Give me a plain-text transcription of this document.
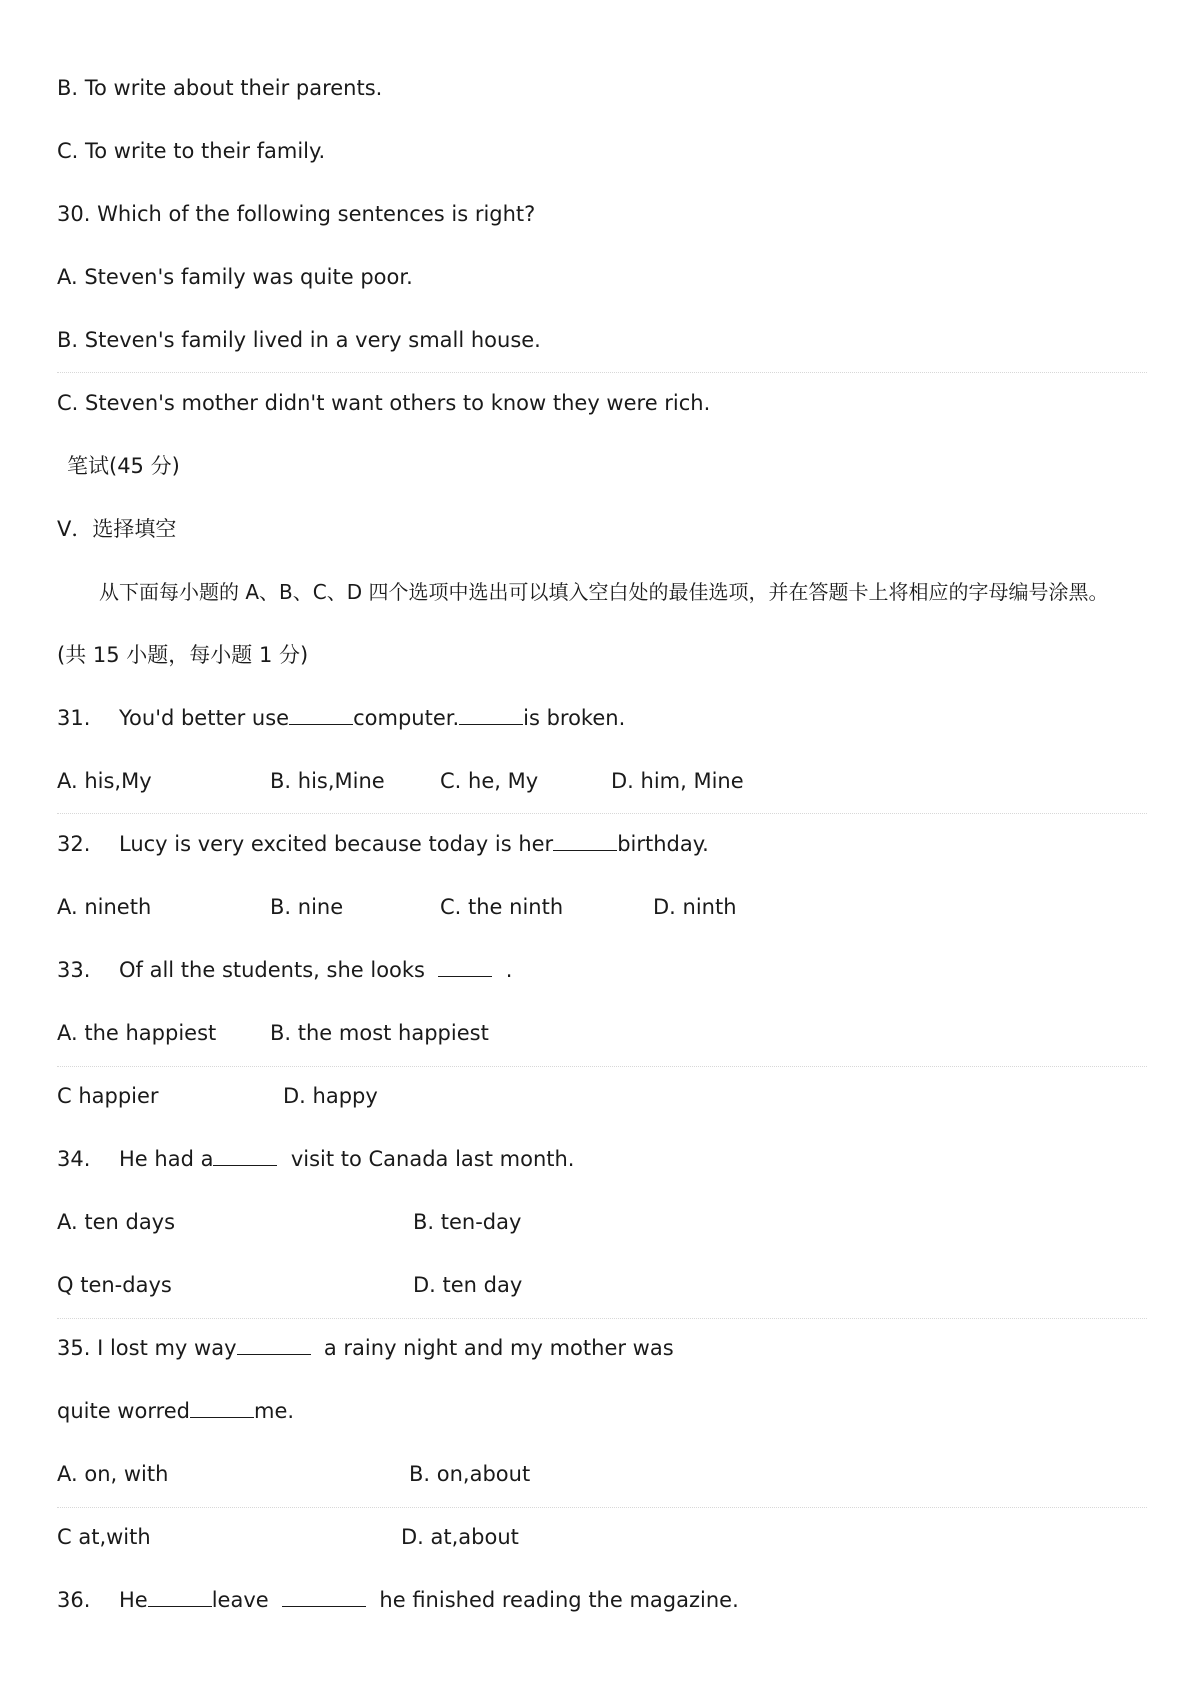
B. To write about their parents.
C. To write to their family.
30. Which of the following sentences is right?
A. Steven's family was quite poor.
B. Steven's family lived in a very small house.
C. Steven's mother didn't want others to know they were rich.
笔试(45 分)
V．选择填空
从下面每小题的 A、B、C、D 四个选项中选出可以填入空白处的最佳选项，并在答题卡上将相应的字母编号涂黑。
(共 15 小题，每小题 1 分)
31. You'd better use	computer.	is broken.
A. his,My	B. his,Mine	C. he, My	D. him, Mine
32. Lucy is very excited because today is her	birthday.
A. nineth	B. nine	C. the ninth	D. ninth
33. Of all the students, she looks	.
A. the happiest	B. the most happiest
C happier	D. happy
34. He had a	visit to Canada last month.
A. ten days	B. ten-day
Q ten-days	D. ten day
35. I lost my way	a rainy night and my mother was
quite worred	me.
A. on, with	B. on,about
C at,with	D. at,about
36. He	leave	he finished reading the magazine.
